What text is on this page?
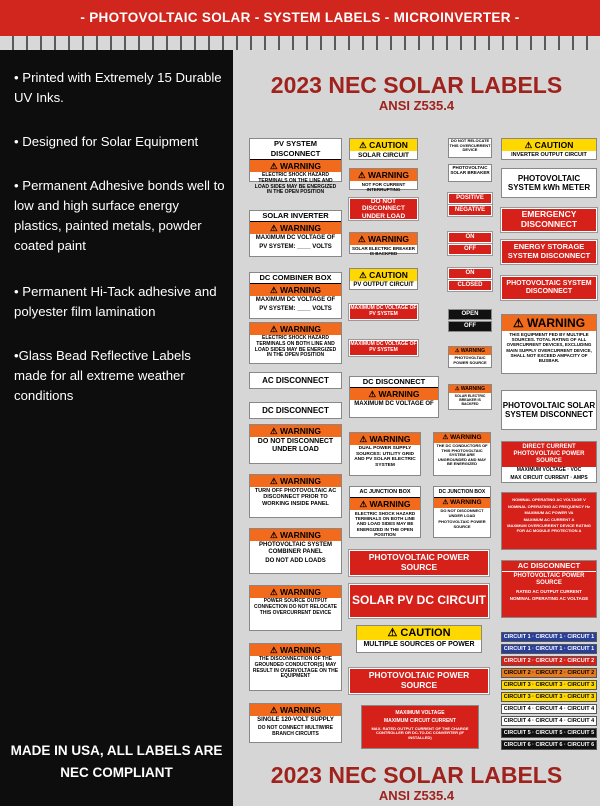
- PHOTOVOLTAIC SOLAR - SYSTEM LABELS - MICROINVERTER -
• Printed with Extremely 15 Durable UV Inks.
• Designed for Solar Equipment
• Permanent Adhesive bonds well to low and high surface energy plastics, painted metals, powder coated paint
• Permanent Hi-Tack adhesive and polyester film lamination
•Glass Bead Reflective Labels made for all extreme weather conditions
MADE IN USA, ALL LABELS ARE NEC COMPLIANT
2023 NEC SOLAR LABELS
ANSI Z535.4
PV SYSTEM DISCONNECT
⚠ WARNING
ELECTRIC SHOCK HAZARD TERMINALS ON THE LINE AND LOAD SIDES MAY BE ENERGIZED IN THE OPEN POSITION
SOLAR INVERTER
⚠ WARNING
MAXIMUM DC VOLTAGE OF
PV SYSTEM: ____ VOLTS
DC COMBINER BOX
⚠ WARNING
MAXIMUM DC VOLTAGE OF
PV SYSTEM: ____ VOLTS
⚠ WARNING
ELECTRIC SHOCK HAZARD TERMINALS ON BOTH LINE AND LOAD SIDES MAY BE ENERGIZED IN THE OPEN POSITION
AC DISCONNECT
DC DISCONNECT
⚠ WARNING
DO NOT DISCONNECT UNDER LOAD
⚠ WARNING
TURN OFF PHOTOVOLTAIC AC DISCONNECT PRIOR TO WORKING INSIDE PANEL
⚠ WARNING
PHOTOVOLTAIC SYSTEM COMBINER PANEL
DO NOT ADD LOADS
⚠ WARNING
POWER SOURCE OUTPUT CONNECTION DO NOT RELOCATE THIS OVERCURRENT DEVICE
⚠ WARNING
THE DISCONNECTION OF THE GROUNDED CONDUCTOR(S) MAY RESULT IN OVERVOLTAGE ON THE EQUIPMENT
⚠ WARNING
SINGLE 120-VOLT SUPPLY
DO NOT CONNECT MULTIWIRE BRANCH CIRCUITS
⚠ CAUTION
SOLAR CIRCUIT
⚠ WARNING
NOT FOR CURRENT INTERRUPTING
DO NOT DISCONNECT UNDER LOAD
⚠ WARNING
SOLAR ELECTRIC BREAKER IS BACKFED
⚠ CAUTION
PV OUTPUT CIRCUIT
MAXIMUM DC VOLTAGE OF PV SYSTEM
MAXIMUM DC VOLTAGE OF PV SYSTEM
DC DISCONNECT
⚠ WARNING
MAXIMUM DC VOLTAGE OF
⚠ WARNING
DUAL POWER SUPPLY SOURCES: UTILITY GRID AND PV SOLAR ELECTRIC SYSTEM
AC JUNCTION BOX
⚠ WARNING
ELECTRIC SHOCK HAZARD TERMINALS ON BOTH LINE AND LOAD SIDES MAY BE ENERGIZED IN THE OPEN POSITION
PHOTOVOLTAIC POWER SOURCE
SOLAR PV DC CIRCUIT
⚠ CAUTION
MULTIPLE SOURCES OF POWER
PHOTOVOLTAIC POWER SOURCE
MAXIMUM VOLTAGE
MAXIMUM CIRCUIT CURRENT
MAX. RATED OUTPUT CURRENT OF THE CHARGE CONTROLLER OR DC-TO-DC CONVERTER (IF INSTALLED)
DO NOT RELOCATE THIS OVERCURRENT DEVICE
PHOTOVOLTAIC SOLAR BREAKER
POSITIVE
NEGATIVE
ON
OFF
ON
CLOSED
OPEN
OFF
⚠ WARNING
PHOTOVOLTAIC POWER SOURCE
⚠ WARNING
SOLAR ELECTRIC BREAKER IS BACKFED
⚠ WARNING
THE DC CONDUCTORS OF THIS PHOTOVOLTAIC SYSTEM ARE UNGROUNDED AND MAY BE ENERGIZED
DC JUNCTION BOX
⚠ WARNING
DO NOT DISCONNECT UNDER LOAD
PHOTOVOLTAIC POWER SOURCE
⚠ CAUTION
INVERTER OUTPUT CIRCUIT
PHOTOVOLTAIC SYSTEM kWh METER
EMERGENCY DISCONNECT
ENERGY STORAGE SYSTEM DISCONNECT
PHOTOVOLTAIC SYSTEM DISCONNECT
⚠ WARNING
THIS EQUIPMENT FED BY MULTIPLE SOURCES. TOTAL RATING OF ALL OVERCURRENT DEVICES, EXCLUDING MAIN SUPPLY OVERCURRENT DEVICE, SHALL NOT EXCEED AMPACITY OF BUSBAR.
PHOTOVOLTAIC SOLAR SYSTEM DISCONNECT
DIRECT CURRENT PHOTOVOLTAIC POWER SOURCE
MAXIMUM VOLTAGE · VOC
MAX CIRCUIT CURRENT · AMPS
NOMINAL OPERATING AC VOLTAGE V
NOMINAL OPERATING AC FREQUENCY Hz
MAXIMUM AC POWER VA
MAXIMUM AC CURRENT A
MAXIMUM OVERCURRENT DEVICE RATING FOR AC MODULE PROTECTION A
AC DISCONNECT
PHOTOVOLTAIC POWER SOURCE
RATED AC OUTPUT CURRENT
NOMINAL OPERATING AC VOLTAGE
CIRCUIT 1 · CIRCUIT 1 · CIRCUIT 1
CIRCUIT 1 · CIRCUIT 1 · CIRCUIT 1
CIRCUIT 2 · CIRCUIT 2 · CIRCUIT 2
CIRCUIT 2 · CIRCUIT 2 · CIRCUIT 2
CIRCUIT 3 · CIRCUIT 3 · CIRCUIT 3
CIRCUIT 3 · CIRCUIT 3 · CIRCUIT 3
CIRCUIT 4 · CIRCUIT 4 · CIRCUIT 4
CIRCUIT 4 · CIRCUIT 4 · CIRCUIT 4
CIRCUIT 5 · CIRCUIT 5 · CIRCUIT 5
CIRCUIT 6 · CIRCUIT 6 · CIRCUIT 6
2023 NEC SOLAR LABELS
ANSI Z535.4
